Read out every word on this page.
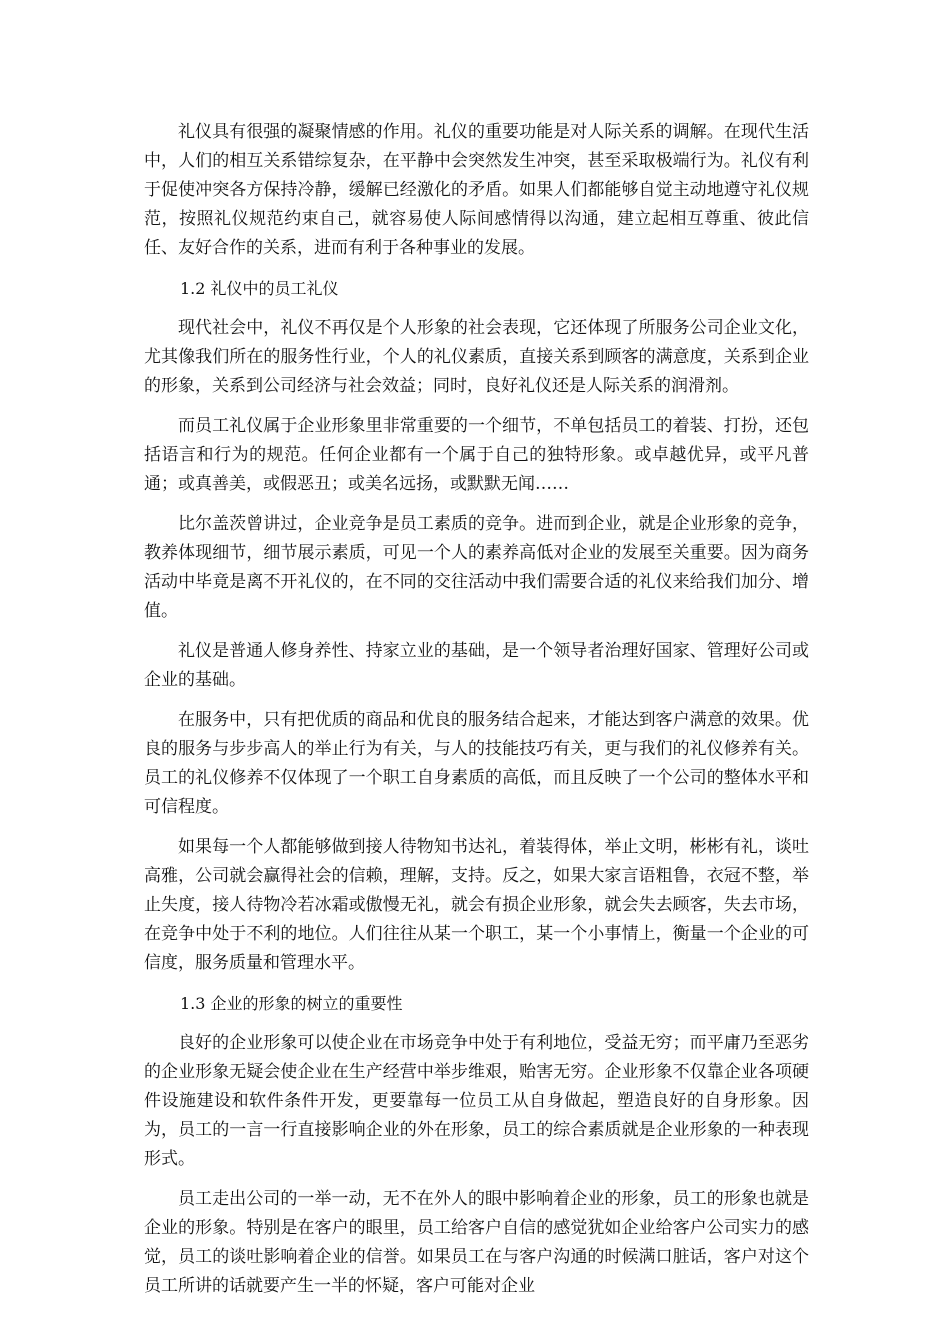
礼仪具有很强的凝聚情感的作用。礼仪的重要功能是对人际关系的调解。在现代生活中，人们的相互关系错综复杂，在平静中会突然发生冲突，甚至采取极端行为。礼仪有利于促使冲突各方保持冷静，缓解已经激化的矛盾。如果人们都能够自觉主动地遵守礼仪规范，按照礼仪规范约束自己，就容易使人际间感情得以沟通，建立起相互尊重、彼此信任、友好合作的关系，进而有利于各种事业的发展。

1.2 礼仪中的员工礼仪

现代社会中，礼仪不再仅是个人形象的社会表现，它还体现了所服务公司企业文化，尤其像我们所在的服务性行业，个人的礼仪素质，直接关系到顾客的满意度，关系到企业的形象，关系到公司经济与社会效益；同时，良好礼仪还是人际关系的润滑剂。

而员工礼仪属于企业形象里非常重要的一个细节，不单包括员工的着装、打扮，还包括语言和行为的规范。任何企业都有一个属于自己的独特形象。或卓越优异，或平凡普通；或真善美，或假恶丑；或美名远扬，或默默无闻……

比尔盖茨曾讲过，企业竞争是员工素质的竞争。进而到企业，就是企业形象的竞争，教养体现细节，细节展示素质，可见一个人的素养高低对企业的发展至关重要。因为商务活动中毕竟是离不开礼仪的，在不同的交往活动中我们需要合适的礼仪来给我们加分、增值。

礼仪是普通人修身养性、持家立业的基础，是一个领导者治理好国家、管理好公司或企业的基础。

在服务中，只有把优质的商品和优良的服务结合起来，才能达到客户满意的效果。优良的服务与步步高人的举止行为有关，与人的技能技巧有关，更与我们的礼仪修养有关。员工的礼仪修养不仅体现了一个职工自身素质的高低，而且反映了一个公司的整体水平和可信程度。

如果每一个人都能够做到接人待物知书达礼，着装得体，举止文明，彬彬有礼，谈吐高雅，公司就会赢得社会的信赖，理解，支持。反之，如果大家言语粗鲁，衣冠不整，举止失度，接人待物冷若冰霜或傲慢无礼，就会有损企业形象，就会失去顾客，失去市场，在竞争中处于不利的地位。人们往往从某一个职工，某一个小事情上，衡量一个企业的可信度，服务质量和管理水平。

1.3 企业的形象的树立的重要性

良好的企业形象可以使企业在市场竞争中处于有利地位，受益无穷；而平庸乃至恶劣的企业形象无疑会使企业在生产经营中举步维艰，贻害无穷。企业形象不仅靠企业各项硬件设施建设和软件条件开发，更要靠每一位员工从自身做起，塑造良好的自身形象。因为，员工的一言一行直接影响企业的外在形象，员工的综合素质就是企业形象的一种表现形式。

员工走出公司的一举一动，无不在外人的眼中影响着企业的形象，员工的形象也就是企业的形象。特别是在客户的眼里，员工给客户自信的感觉犹如企业给客户公司实力的感觉，员工的谈吐影响着企业的信誉。如果员工在与客户沟通的时候满口脏话，客户对这个员工所讲的话就要产生一半的怀疑，客户可能对企业
